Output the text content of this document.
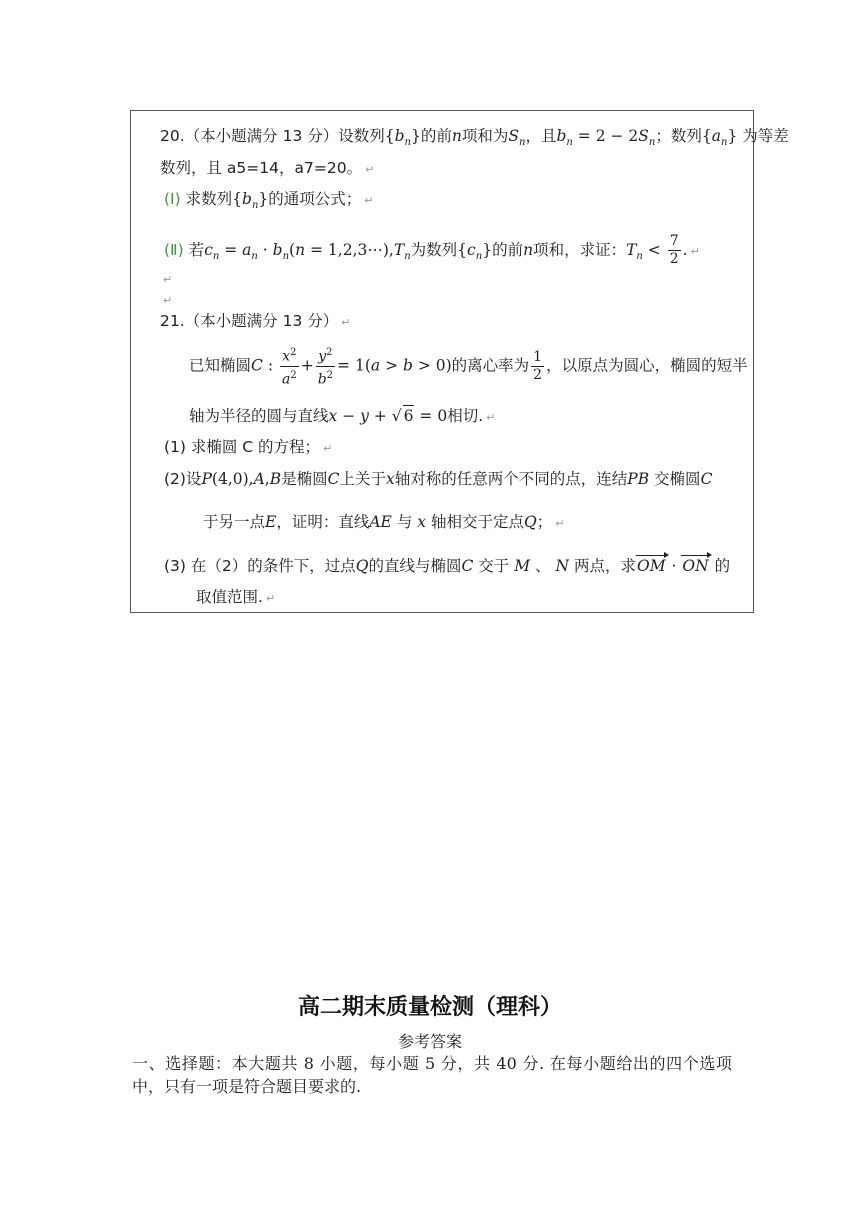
20.（本小题满分 13 分）设数列$\{b_n\}$的前n项和为$S_n$，且$b_n = 2 - 2S_n$；数列$\{a_n\}$ 为等差
数列，且 a5=14，a7=20。 ↵
(Ⅰ) 求数列$\{b_n\}$的通项公式； ↵
(Ⅱ) 若$c_n = a_n \cdot b_n(n$ = $1,2,3\cdots),T_n$为数列$\{c_n\}$的前n项和，求证：$T_n < \frac{7}{2}$ . ↵
↵
↵
21.（本小题满分 13 分） ↵
已知椭圆C : $\frac{x^2}{a^2} + \frac{y^2}{b^2} = 1(a > b > 0)$的离心率为 $\frac{1}{2}$ ，以原点为圆心，椭圆的短半
轴为半径的圆与直线x − y + √ 6 = 0相切. ↵
(1) 求椭圆 C 的方程； ↵
(2)设P(4,0),A,B是椭圆C上关于x轴对称的任意两个不同的点，连结PB 交椭圆C
于另一点E，证明：直线AE 与 x 轴相交于定点Q； ↵
(3) 在（2）的条件下，过点Q的直线与椭圆C 交于 M 、 N 两点，求OM · ON 的
取值范围. ↵
高二期末质量检测（理科）
参考答案
一、选择题：本大题共 8 小题，每小题 5 分，共 40 分. 在每小题给出的四个选项中，只有一项是符合题目要求的.
